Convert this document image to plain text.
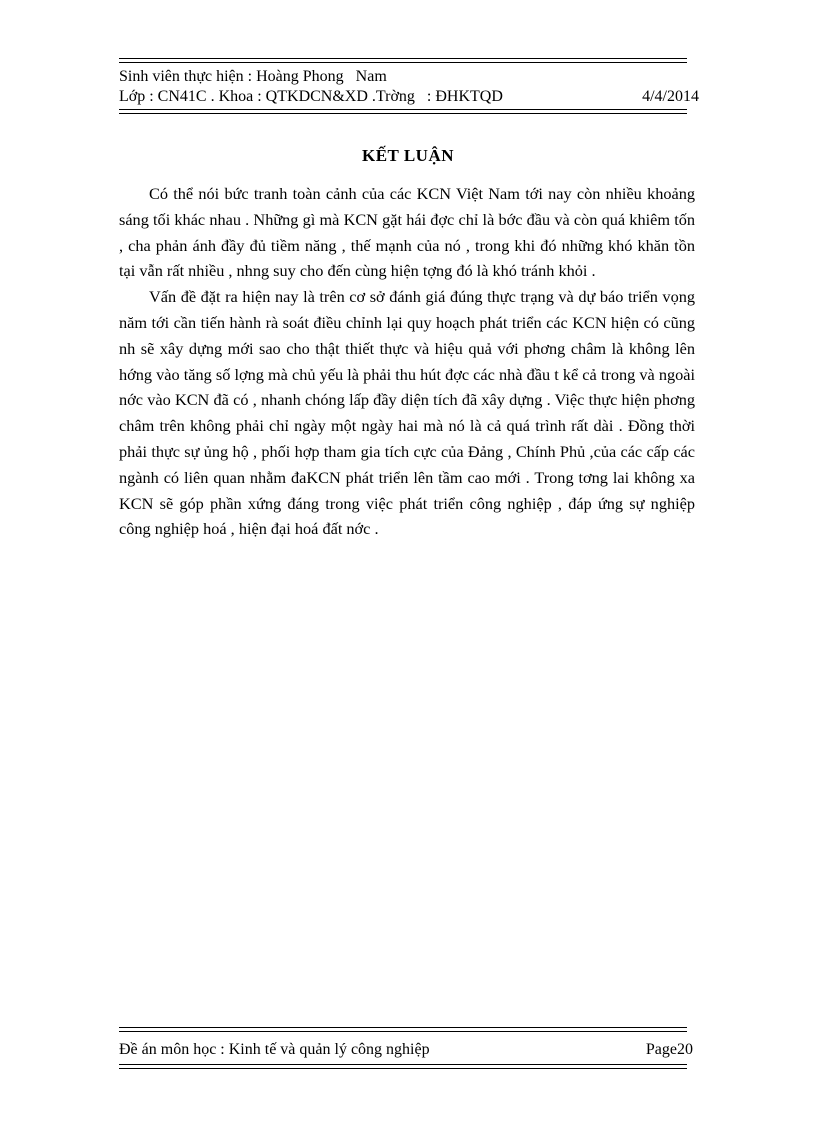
Sinh viên thực hiện : Hoàng Phong   Nam
Lớp : CN41C . Khoa : QTKDCN&XD .Trờng   : ĐHKTQD	4/4/2014
KẾT LUẬN

Có thể nói bức tranh toàn cảnh của các KCN Việt Nam tới nay còn nhiều khoảng sáng tối khác nhau . Những gì mà KCN gặt hái đợc chỉ là bớc đầu và còn quá khiêm tốn , cha phản ánh đầy đủ tiềm năng , thế mạnh của nó , trong khi đó những khó khăn tồn tại vẫn rất nhiều , nhng suy cho đến cùng hiện tợng đó là khó tránh khỏi .

Vấn đề đặt ra hiện nay là trên cơ sở đánh giá đúng thực trạng và dự báo triển vọng năm tới cần tiến hành rà soát điều chỉnh lại quy hoạch phát triển các KCN hiện có cũng nh sẽ xây dựng mới sao cho thật thiết thực và hiệu quả với phơng châm là không lên hớng vào tăng số lợng mà chủ yếu là phải thu hút đợc các nhà đầu t kể cả trong và ngoài nớc vào KCN đã có , nhanh chóng lấp đầy diện tích đã xây dựng . Việc thực hiện phơng châm trên không phải chỉ ngày một ngày hai mà nó là cả quá trình rất dài . Đồng thời phải thực sự ủng hộ , phối hợp tham gia tích cực của Đảng , Chính Phủ ,của các cấp các ngành có liên quan nhằm đaKCN phát triển lên tầm cao mới . Trong tơng lai không xa KCN sẽ góp phần xứng đáng trong việc phát triển công nghiệp , đáp ứng sự nghiệp công nghiệp hoá , hiện đại hoá đất nớc .

Đề án môn học : Kinh tế và quản lý công nghiệp	Page20
